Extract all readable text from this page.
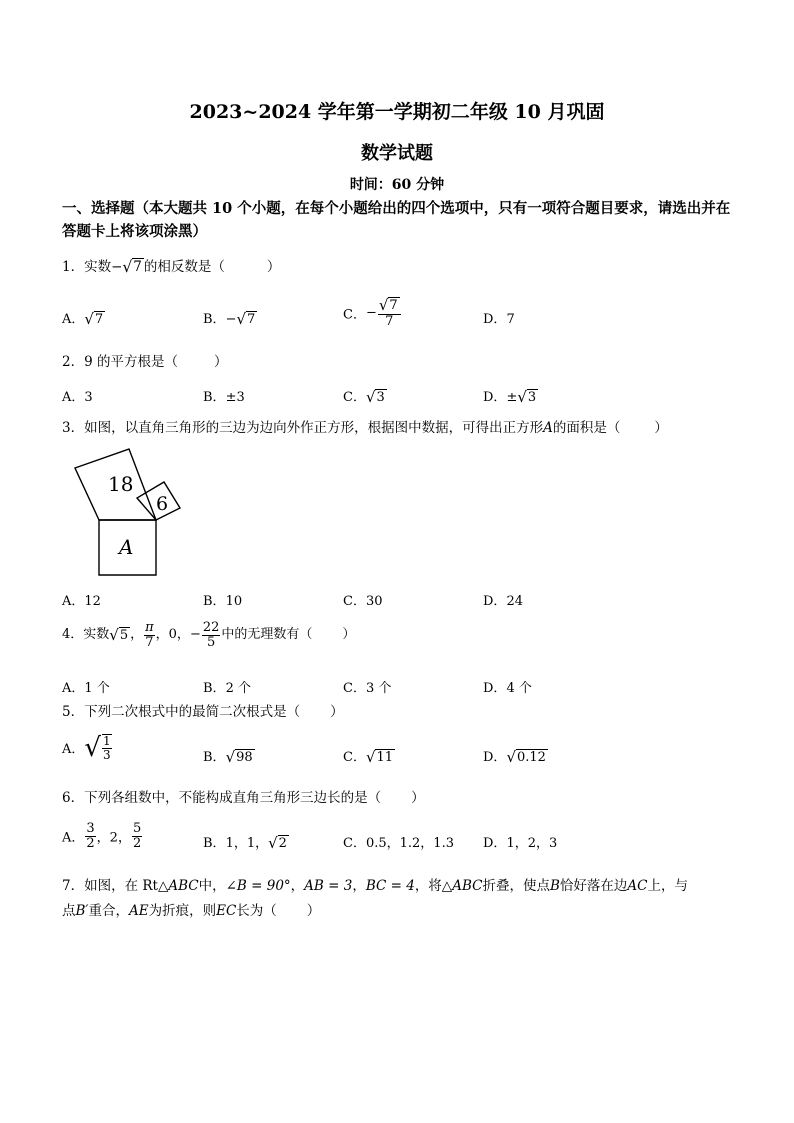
2023~2024 学年第一学期初二年级 10 月巩固
数学试题
时间：60 分钟
一、选择题（本大题共 10 个小题，在每个小题给出的四个选项中，只有一项符合题目要求，请选出并在答题卡上将该项涂黑）
1．实数−√7 的相反数是（	）
A．√7	B．−√7	C．− $\frac{√7}{7}$	D．7
2．9 的平方根是（	）
A．3	B．±3	C．√3	D．±√3
3．如图，以直角三角形的三边为边向外作正方形，根据图中数据，可得出正方形A的面积是（	）
18
6
A
A．12	B．10	C．30	D．24
4．实数√5 ， $\frac{\pi}{7}$ ，0，− $\frac{22}{5}$ 中的无理数有（ ）
A．1 个	B．2 个	C．3 个	D．4 个
5．下列二次根式中的最简二次根式是（ ）
A．√ $\frac{1}{3}$	B．√98	C．√11	D．√0.12
6．下列各组数中，不能构成直角三角形三边长的是（ ）
A． $\frac{3}{2}$ ，2， $\frac{5}{2}$	B．1，1，√2	C．0.5，1.2，1.3 D．1，2，3
7．如图，在 Rt△ABC中，∠B = 90°，AB = 3，BC = 4，将△ABC折叠，使点B恰好落在边AC上，与
点B′重合，AE为折痕，则EC长为（ ）
